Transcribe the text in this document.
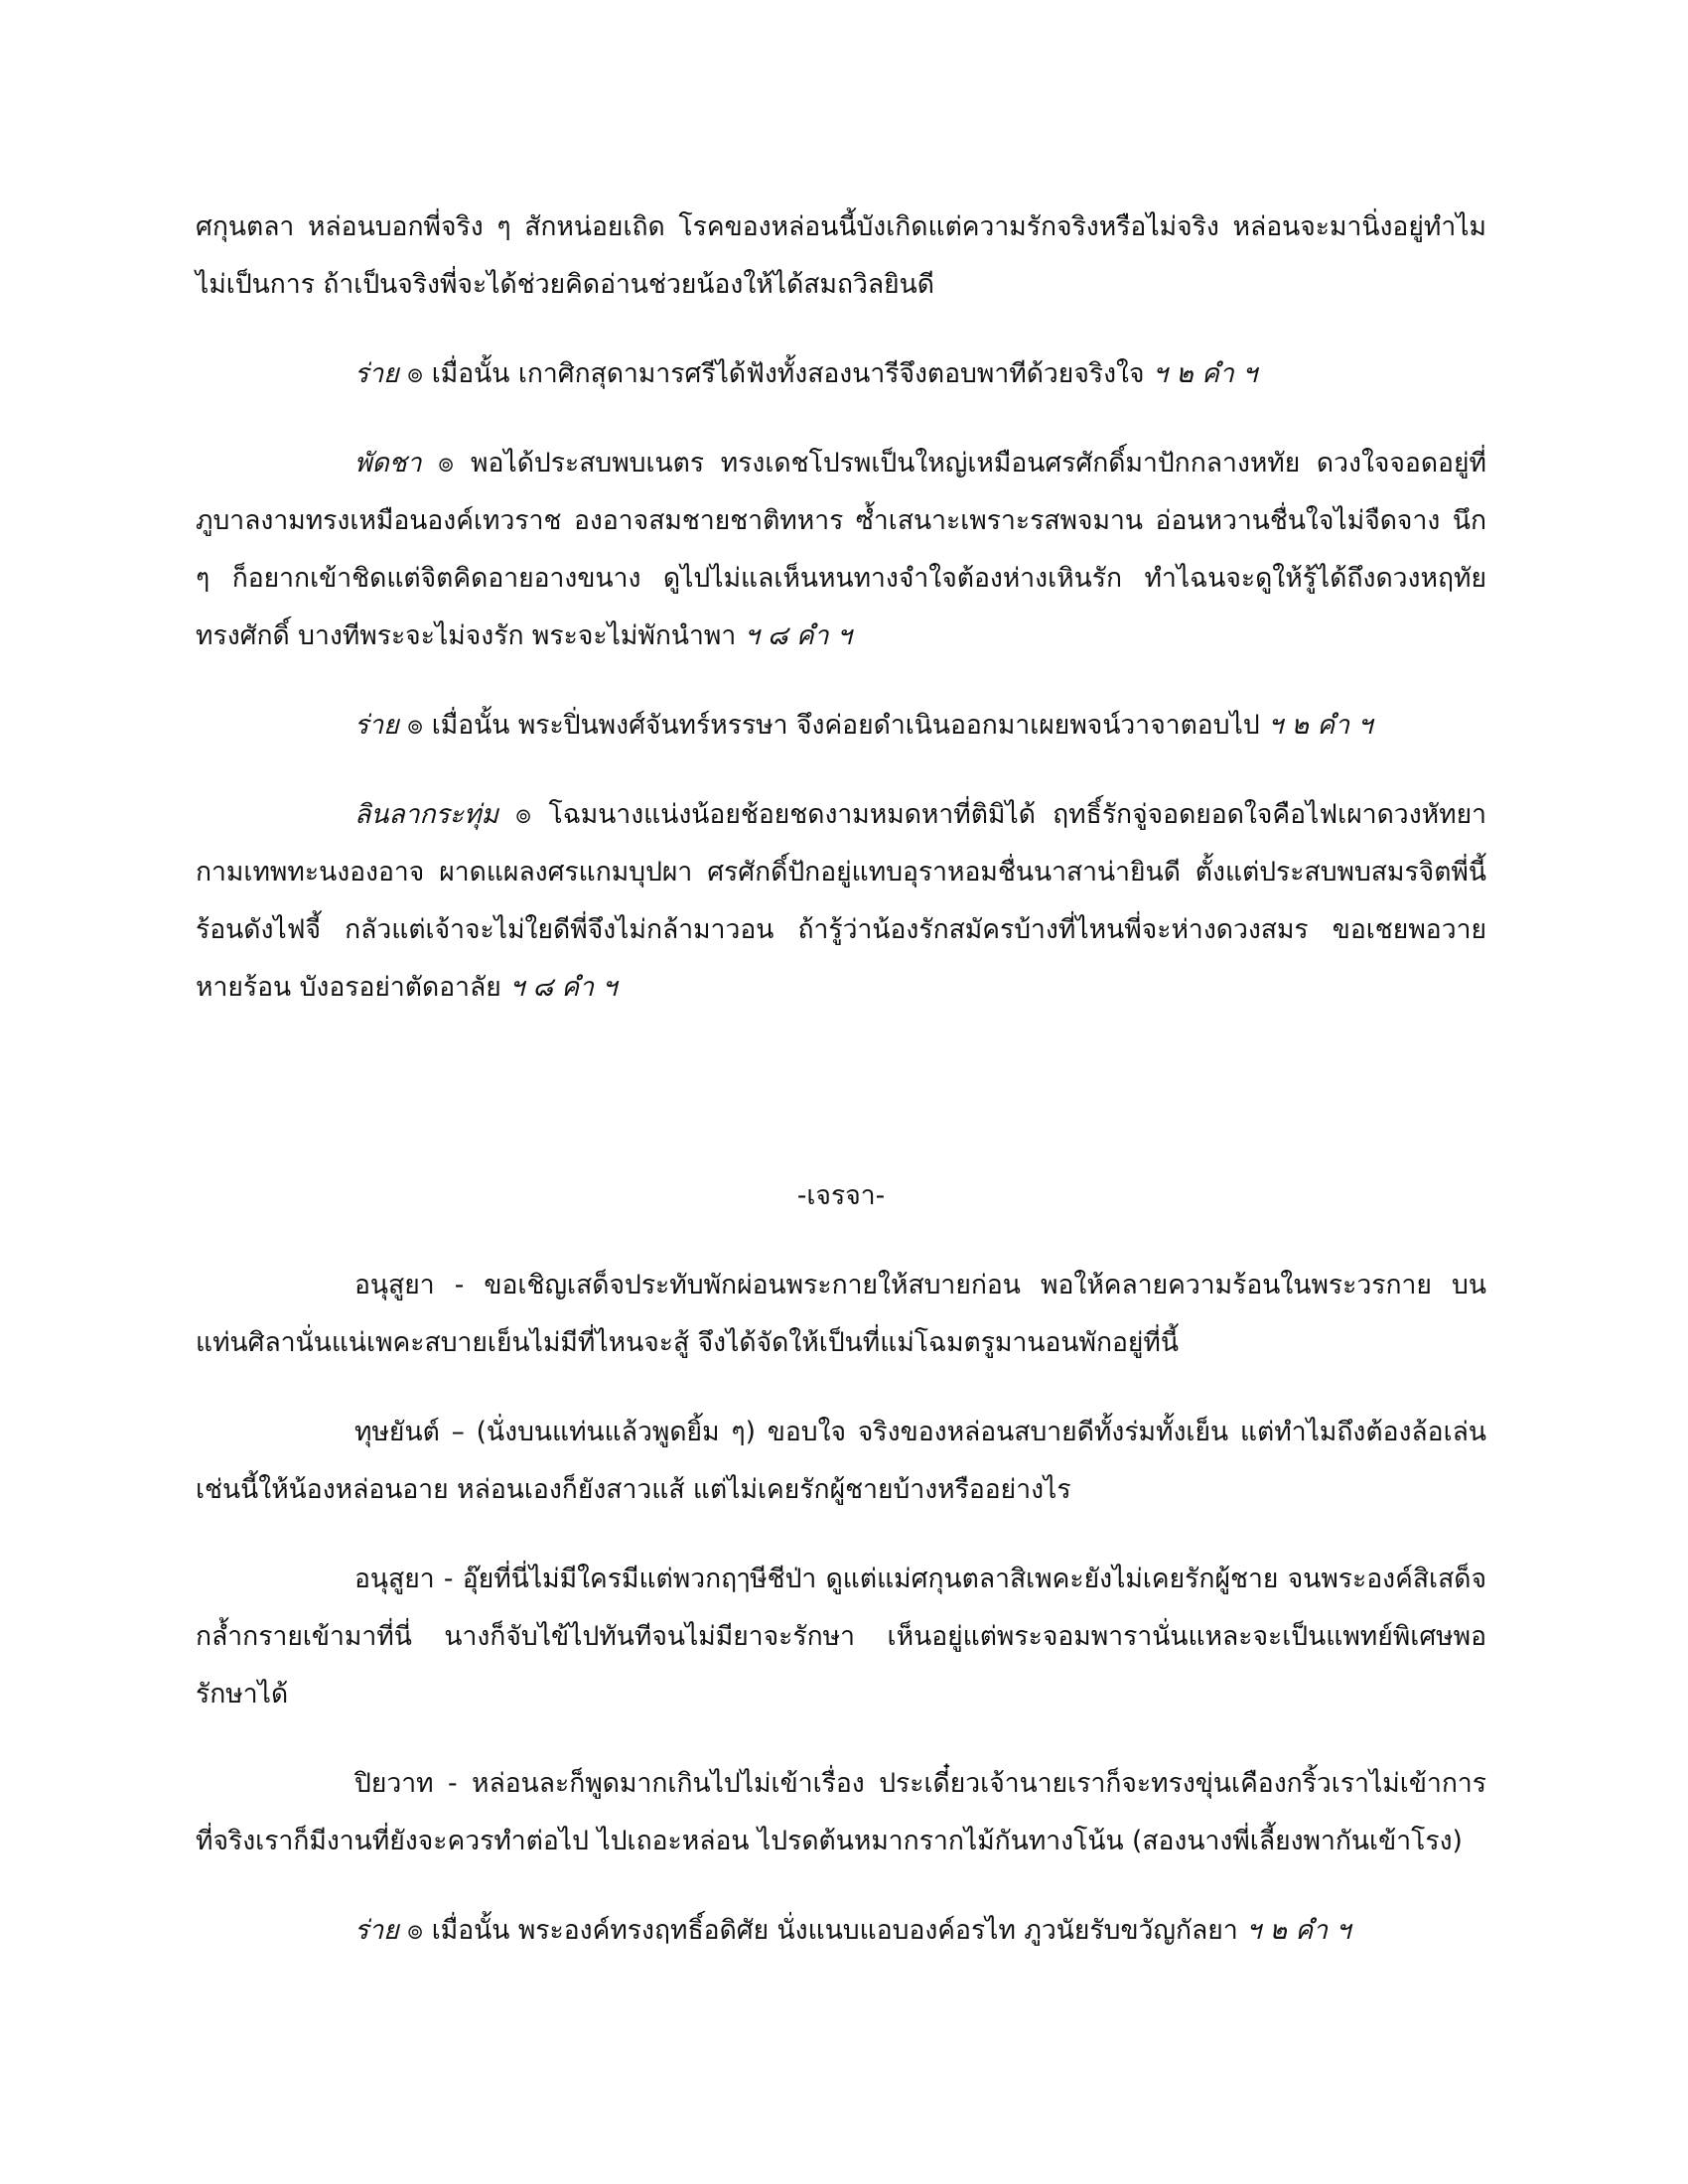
ศกุนตลา หล่อนบอกพี่จริง ๆ สักหน่อยเถิด โรคของหล่อนนี้บังเกิดแต่ความรักจริงหรือไม่จริง หล่อนจะมานิ่งอยู่ทำไมไม่เป็นการ ถ้าเป็นจริงพี่จะได้ช่วยคิดอ่านช่วยน้องให้ได้สมถวิลยินดี

ร่าย ๏ เมื่อนั้น เกาศิกสุดามารศรีได้ฟังทั้งสองนารีจึงตอบพาทีด้วยจริงใจ ฯ ๒ คำ ฯ

พัดชา ๏ พอได้ประสบพบเนตร ทรงเดชโปรพเป็นใหญ่เหมือนศรศักดิ์มาปักกลางหทัย ดวงใจจอดอยู่ที่ภูบาลงามทรงเหมือนองค์เทวราช องอาจสมชายชาติทหาร ซ้ำเสนาะเพราะรสพจมาน อ่อนหวานชื่นใจไม่จืดจาง นึก ๆ ก็อยากเข้าชิดแต่จิตคิดอายอางขนาง ดูไปไม่แลเห็นหนทางจำใจต้องห่างเหินรัก ทำไฉนจะดูให้รู้ได้ถึงดวงหฤทัยทรงศักดิ์ บางทีพระจะไม่จงรัก พระจะไม่พักนำพา ฯ ๘ คำ ฯ

ร่าย ๏ เมื่อนั้น พระปิ่นพงศ์จันทร์หรรษา จึงค่อยดำเนินออกมาเผยพจน์วาจาตอบไป ฯ ๒ คำ ฯ

ลินลากระทุ่ม ๏ โฉมนางแน่งน้อยช้อยชดงามหมดหาที่ติมิได้ ฤทธิ์รักจู่จอดยอดใจคือไฟเผาดวงหัทยา กามเทพทะนงองอาจ ผาดแผลงศรแกมบุปผา ศรศักดิ์ปักอยู่แทบอุราหอมชื่นนาสาน่ายินดี ตั้งแต่ประสบพบสมรจิตพี่นี้ร้อนดังไฟจี้ กลัวแต่เจ้าจะไม่ใยดีพี่จึงไม่กล้ามาวอน ถ้ารู้ว่าน้องรักสมัครบ้างที่ไหนพี่จะห่างดวงสมร ขอเชยพอวายหายร้อน บังอรอย่าตัดอาลัย ฯ ๘ คำ ฯ

-เจรจา-

อนุสูยา - ขอเชิญเสด็จประทับพักผ่อนพระกายให้สบายก่อน พอให้คลายความร้อนในพระวรกาย บนแท่นศิลานั่นแน่เพคะสบายเย็นไม่มีที่ไหนจะสู้ จึงได้จัดให้เป็นที่แม่โฉมตรูมานอนพักอยู่ที่นี้

ทุษยันต์ – (นั่งบนแท่นแล้วพูดยิ้ม ๆ) ขอบใจ จริงของหล่อนสบายดีทั้งร่มทั้งเย็น แต่ทำไมถึงต้องล้อเล่นเช่นนี้ให้น้องหล่อนอาย หล่อนเองก็ยังสาวแส้ แต่ไม่เคยรักผู้ชายบ้างหรืออย่างไร

อนุสูยา - อุ๊ยที่นี่ไม่มีใครมีแต่พวกฤๅษีชีป่า ดูแต่แม่ศกุนตลาสิเพคะยังไม่เคยรักผู้ชาย จนพระองค์สิเสด็จกล้ำกรายเข้ามาที่นี่ นางก็จับไข้ไปทันทีจนไม่มียาจะรักษา เห็นอยู่แต่พระจอมพารานั่นแหละจะเป็นแพทย์พิเศษพอรักษาได้

ปิยวาท - หล่อนละก็พูดมากเกินไปไม่เข้าเรื่อง ประเดี๋ยวเจ้านายเราก็จะทรงขุ่นเคืองกริ้วเราไม่เข้าการ ที่จริงเราก็มีงานที่ยังจะควรทำต่อไป ไปเถอะหล่อน ไปรดต้นหมากรากไม้กันทางโน้น (สองนางพี่เลี้ยงพากันเข้าโรง)

ร่าย ๏ เมื่อนั้น พระองค์ทรงฤทธิ์อดิศัย นั่งแนบแอบองค์อรไท ภูวนัยรับขวัญกัลยา ฯ ๒ คำ ฯ
